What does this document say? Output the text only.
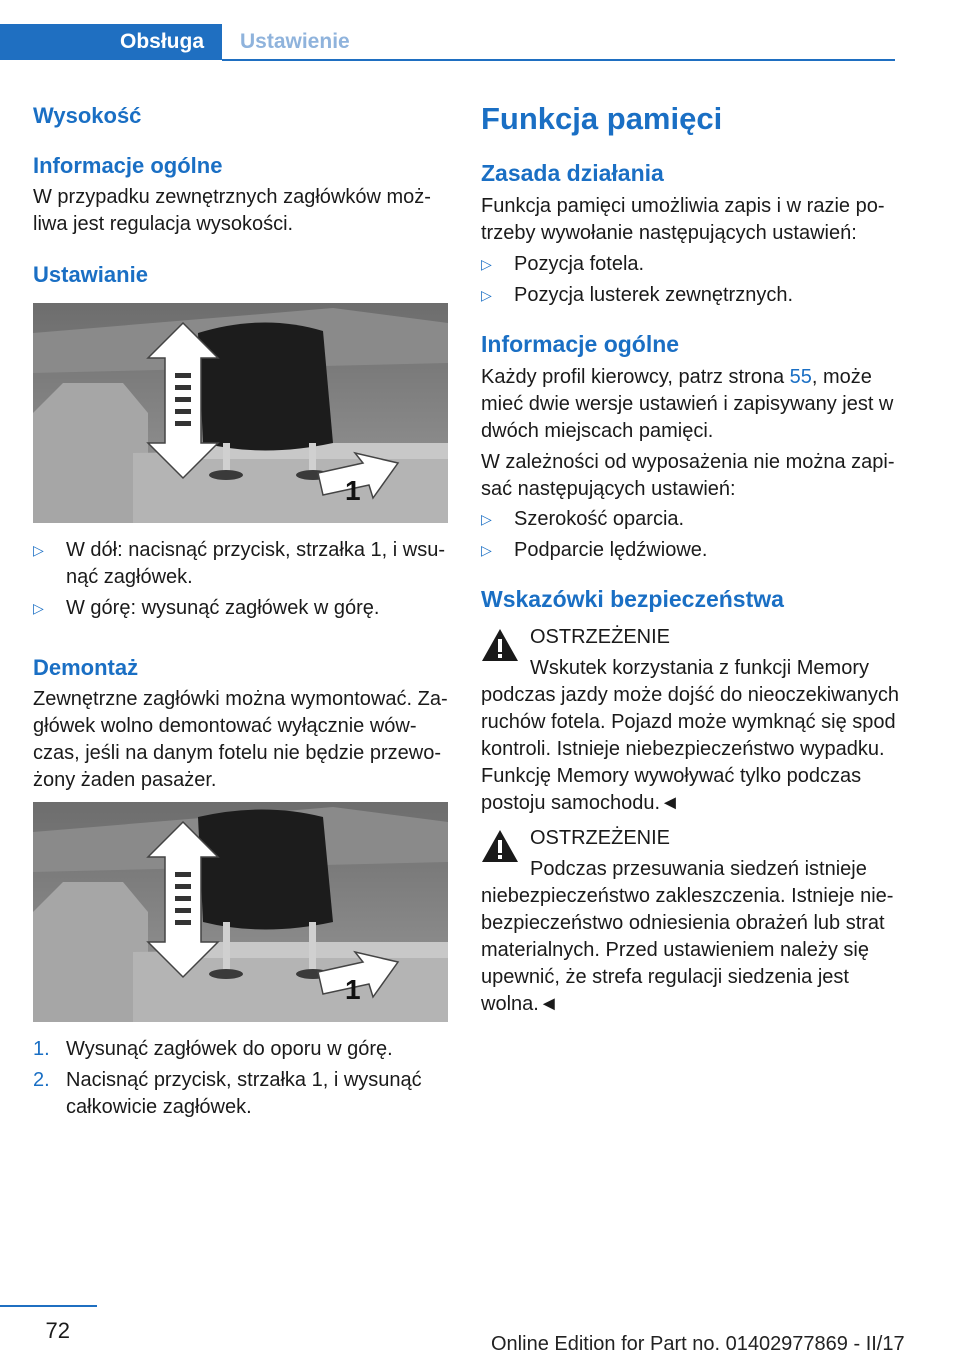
Obsługa	Ustawienie
Wysokość
Informacje ogólne
W przypadku zewnętrznych zagłówków moż‐
liwa jest regulacja wysokości.
Ustawianie
1
▷ W dół: nacisnąć przycisk, strzałka 1, i wsu‐
nąć zagłówek.
▷ W górę: wysunąć zagłówek w górę.
Demontaż
Zewnętrzne zagłówki można wymontować. Za‐
główek wolno demontować wyłącznie wów‐
czas, jeśli na danym fotelu nie będzie przewo‐
żony żaden pasażer.
1
1. Wysunąć zagłówek do oporu w górę.
2. Nacisnąć przycisk, strzałka 1, i wysunąć
całkowicie zagłówek.
Funkcja pamięci
Zasada działania
Funkcja pamięci umożliwia zapis i w razie po‐
trzeby wywołanie następujących ustawień:
▷ Pozycja fotela.
▷ Pozycja lusterek zewnętrznych.
Informacje ogólne
Każdy profil kierowcy, patrz strona 55, może
mieć dwie wersje ustawień i zapisywany jest w
dwóch miejscach pamięci.
W zależności od wyposażenia nie można zapi‐
sać następujących ustawień:
▷ Szerokość oparcia.
▷ Podparcie lędźwiowe.
Wskazówki bezpieczeństwa
OSTRZEŻENIE
Wskutek korzystania z funkcji Memory
podczas jazdy może dojść do nieoczekiwanych
ruchów fotela. Pojazd może wymknąć się spod
kontroli. Istnieje niebezpieczeństwo wypadku.
Funkcję Memory wywoływać tylko podczas
postoju samochodu.◄
OSTRZEŻENIE
Podczas przesuwania siedzeń istnieje
niebezpieczeństwo zakleszczenia. Istnieje nie‐
bezpieczeństwo odniesienia obrażeń lub strat
materialnych. Przed ustawieniem należy się
upewnić, że strefa regulacji siedzenia jest
wolna.◄
72
Online Edition for Part no. 01402977869 - II/17
